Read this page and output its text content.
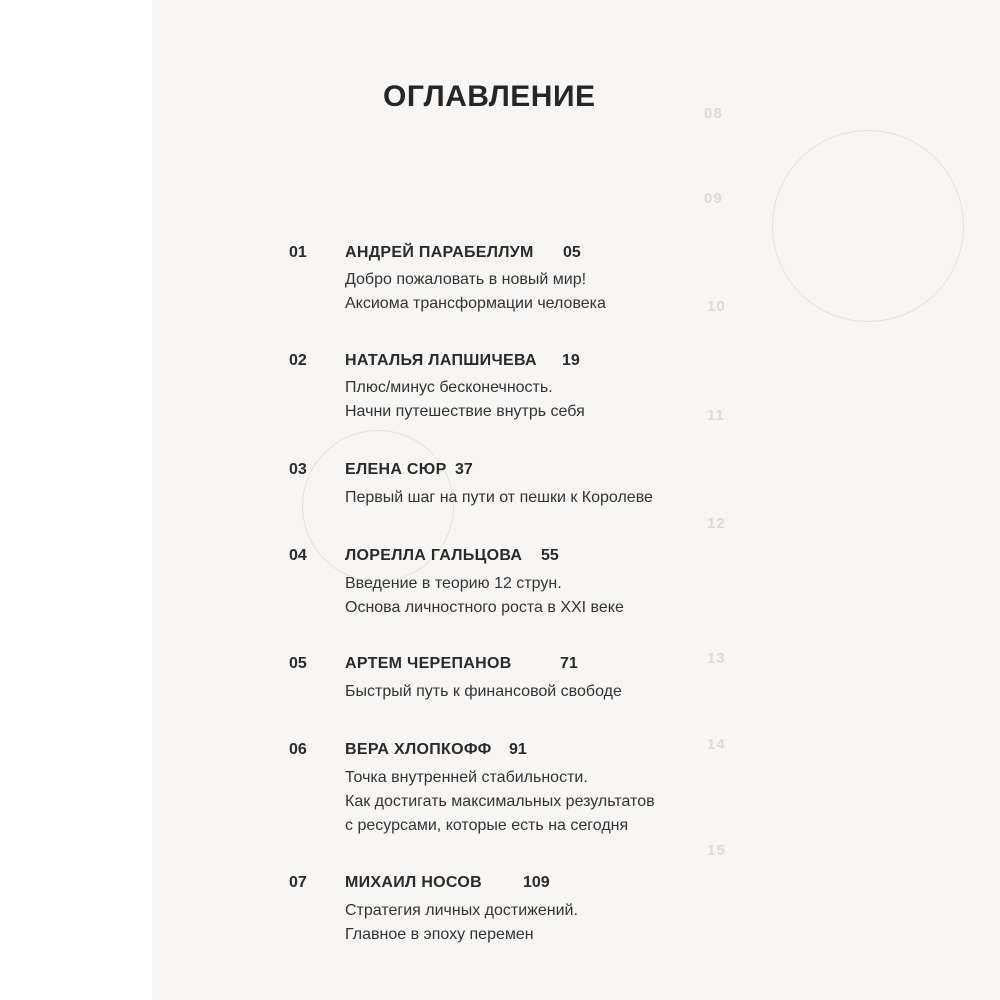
08
09
10
11
12
13
14
15
ОГЛАВЛЕНИЕ
01 АНДРЕЙ ПАРАБЕЛЛУМ 05
Добро пожаловать в новый мир!
Аксиома трансформации человека
02 НАТАЛЬЯ ЛАПШИЧЕВА 19
Плюс/минус бесконечность.
Начни путешествие внутрь себя
03 ЕЛЕНА СЮР 37
Первый шаг на пути от пешки к Королеве
04 ЛОРЕЛЛА ГАЛЬЦОВА 55
Введение в теорию 12 струн.
Основа личностного роста в XXI веке
05 АРТЕМ ЧЕРЕПАНОВ	71
Быстрый путь к финансовой свободе
06 ВЕРА ХЛОПКОФФ 91
Точка внутренней стабильности.
Как достигать максимальных результатов
с ресурсами, которые есть на сегодня
07 МИХАИЛ НОСОВ	109
Стратегия личных достижений.
Главное в эпоху перемен
